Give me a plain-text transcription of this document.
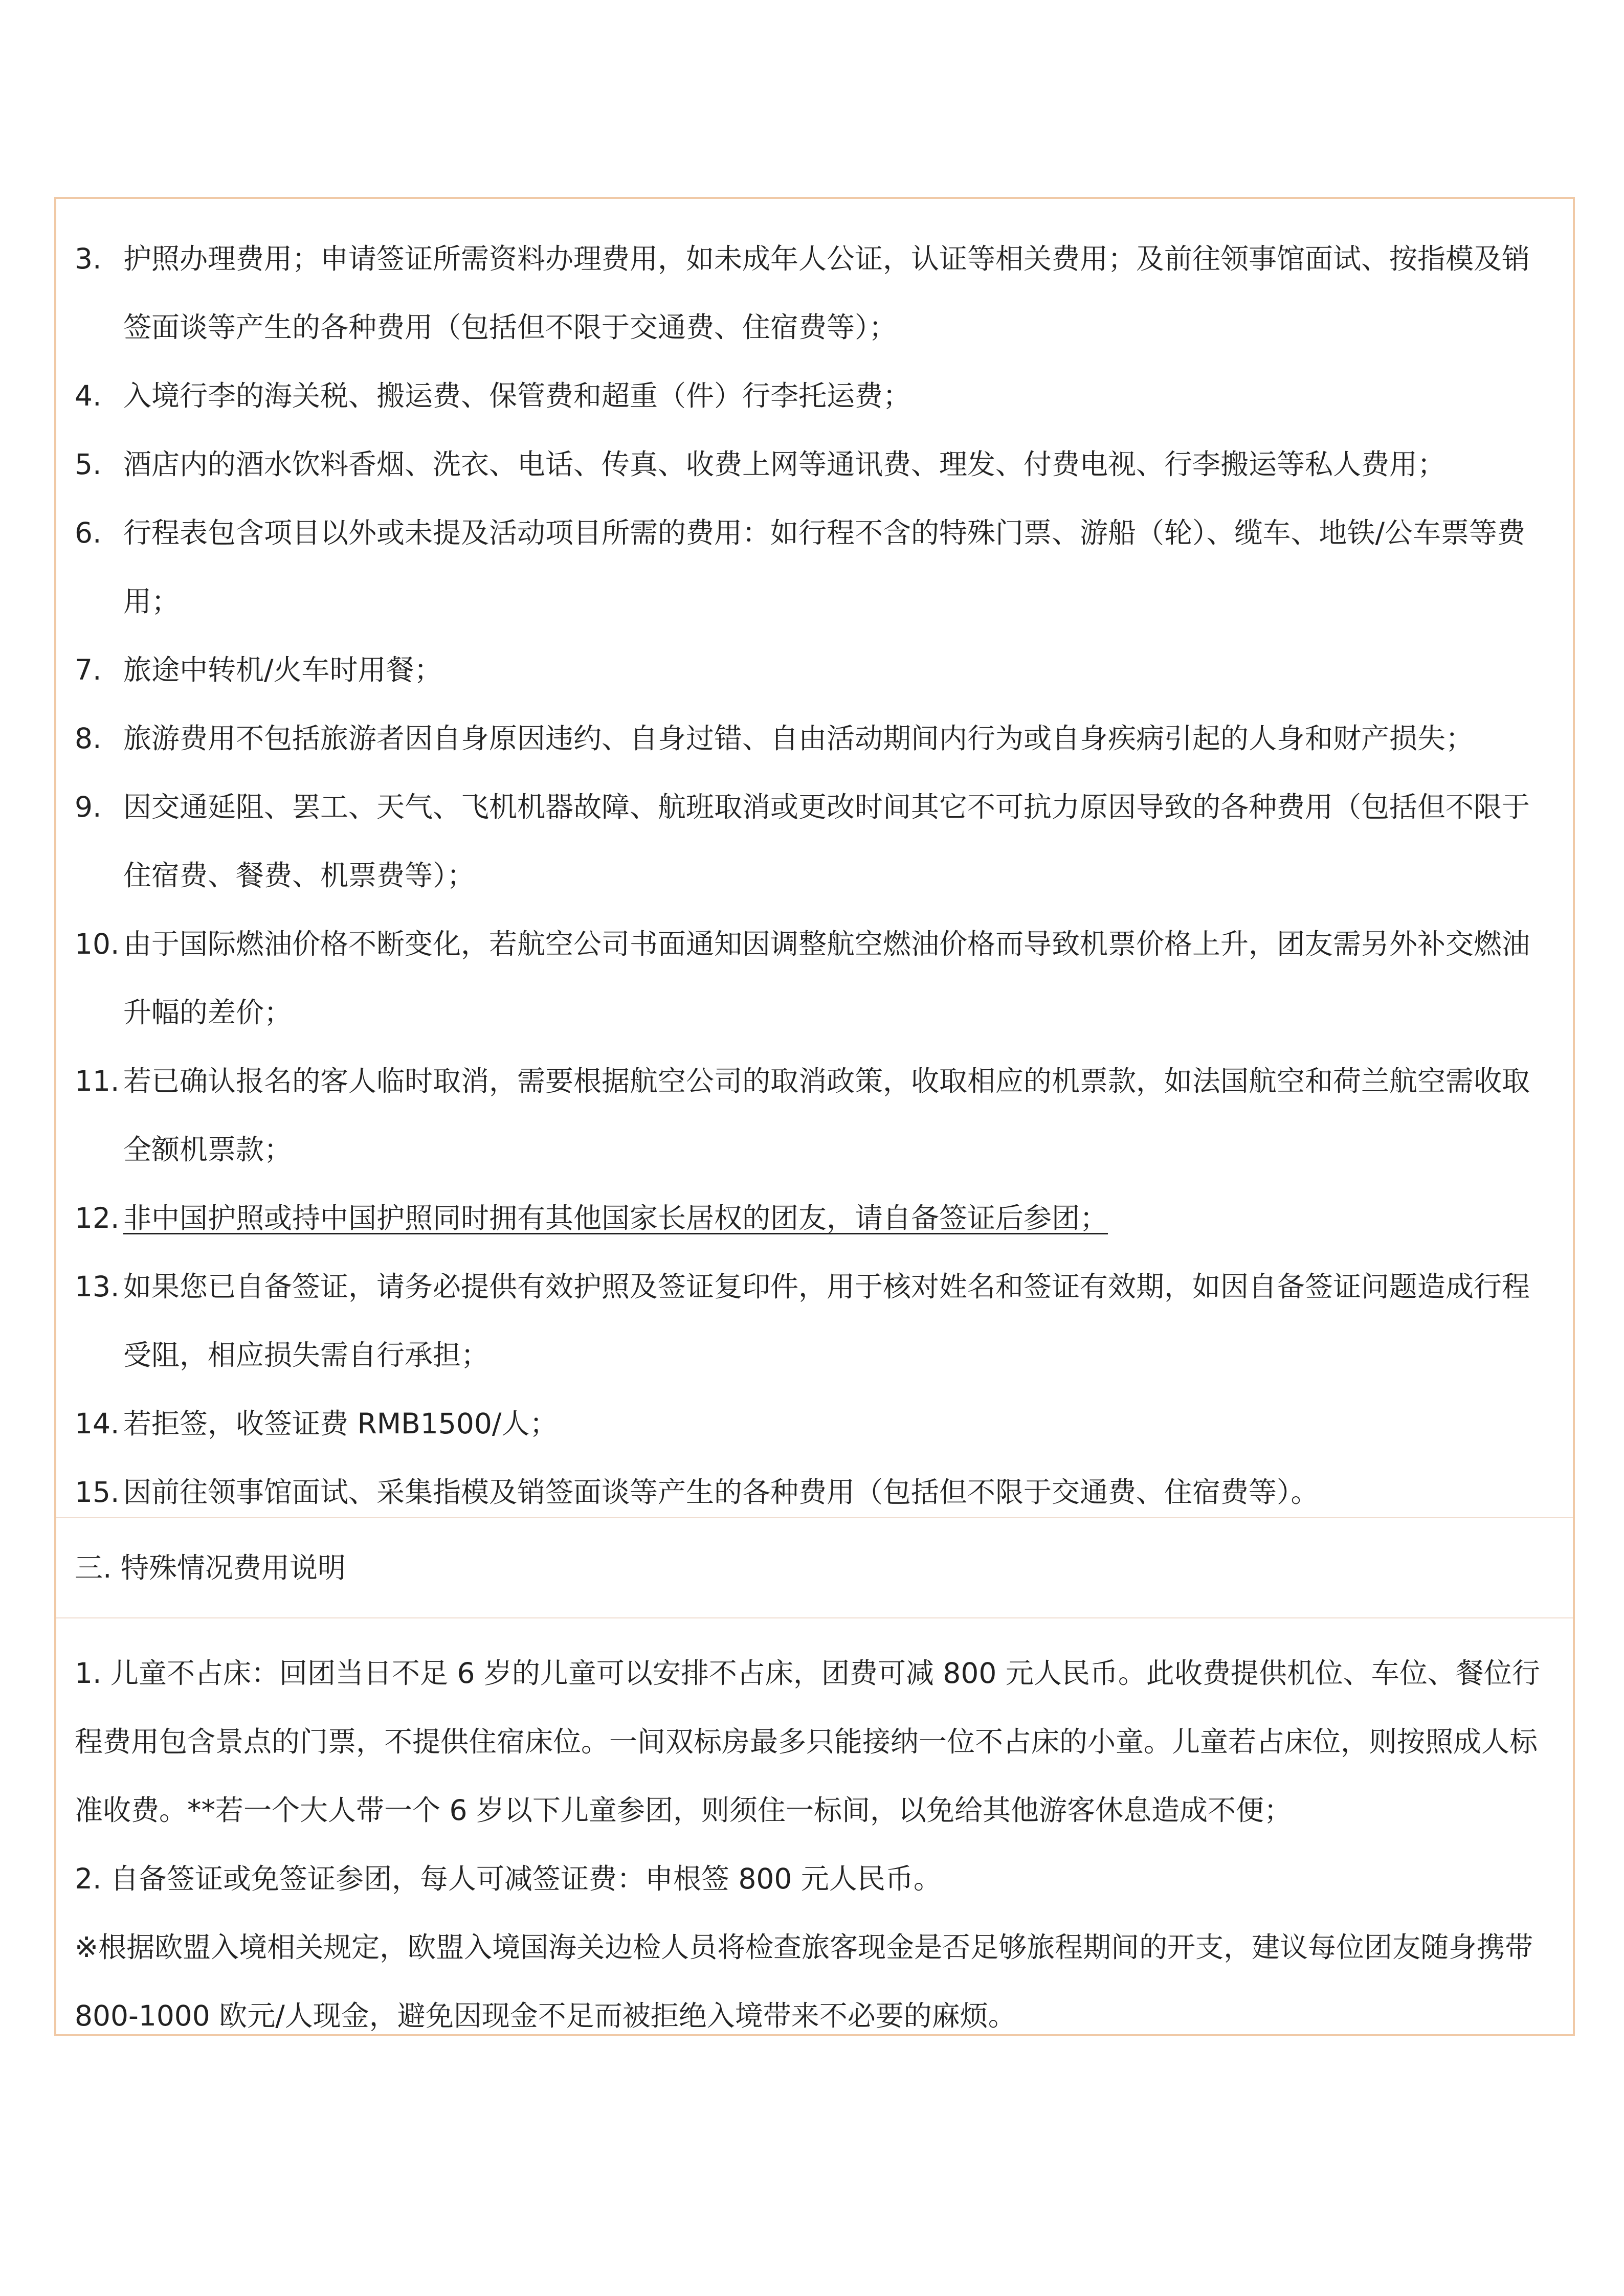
3. 护照办理费用；申请签证所需资料办理费用，如未成年人公证，认证等相关费用；及前往领事馆面试、按指模及销签面谈等产生的各种费用（包括但不限于交通费、住宿费等）；
4. 入境行李的海关税、搬运费、保管费和超重（件）行李托运费；
5. 酒店内的酒水饮料香烟、洗衣、电话、传真、收费上网等通讯费、理发、付费电视、行李搬运等私人费用；
6. 行程表包含项目以外或未提及活动项目所需的费用：如行程不含的特殊门票、游船（轮）、缆车、地铁/公车票等费用；
7. 旅途中转机/火车时用餐；
8. 旅游费用不包括旅游者因自身原因违约、自身过错、自由活动期间内行为或自身疾病引起的人身和财产损失；
9. 因交通延阻、罢工、天气、飞机机器故障、航班取消或更改时间其它不可抗力原因导致的各种费用（包括但不限于住宿费、餐费、机票费等）；
10. 由于国际燃油价格不断变化，若航空公司书面通知因调整航空燃油价格而导致机票价格上升，团友需另外补交燃油升幅的差价；
11. 若已确认报名的客人临时取消，需要根据航空公司的取消政策，收取相应的机票款，如法国航空和荷兰航空需收取全额机票款；
12. 非中国护照或持中国护照同时拥有其他国家长居权的团友，请自备签证后参团；
13. 如果您已自备签证，请务必提供有效护照及签证复印件，用于核对姓名和签证有效期，如因自备签证问题造成行程受阻，相应损失需自行承担；
14. 若拒签，收签证费 RMB1500/人；
15. 因前往领事馆面试、采集指模及销签面谈等产生的各种费用（包括但不限于交通费、住宿费等）。
三. 特殊情况费用说明
1. 儿童不占床：回团当日不足 6 岁的儿童可以安排不占床，团费可减 800 元人民币。此收费提供机位、车位、餐位行程费用包含景点的门票，不提供住宿床位。一间双标房最多只能接纳一位不占床的小童。儿童若占床位，则按照成人标准收费。**若一个大人带一个 6 岁以下儿童参团，则须住一标间，以免给其他游客休息造成不便；
2. 自备签证或免签证参团，每人可减签证费：申根签 800 元人民币。
※根据欧盟入境相关规定，欧盟入境国海关边检人员将检查旅客现金是否足够旅程期间的开支，建议每位团友随身携带 800-1000 欧元/人现金，避免因现金不足而被拒绝入境带来不必要的麻烦。
